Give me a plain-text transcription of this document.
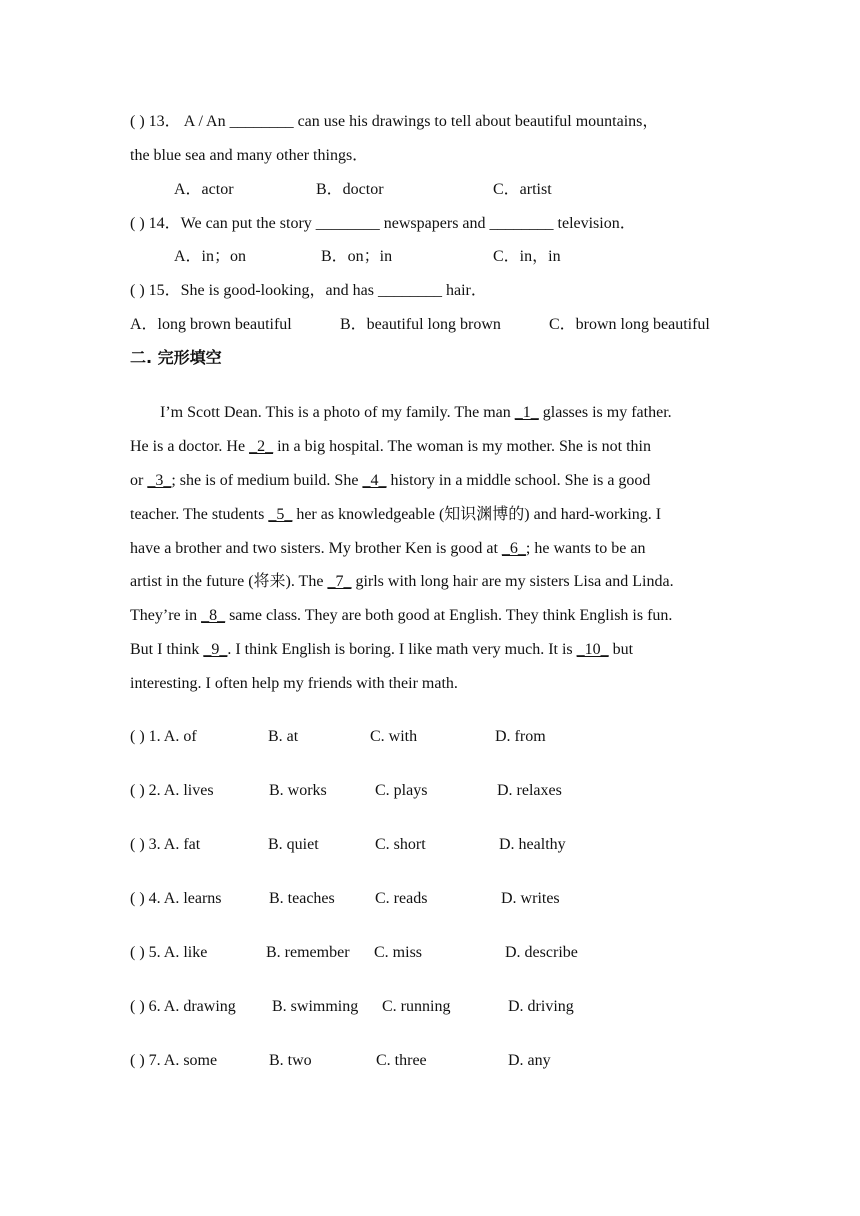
( ) 13． A / An ________ can use his drawings to tell about beautiful mountains，
the blue sea and many other things．
A．actor	B．doctor	C．artist
( ) 14．We can put the story ________ newspapers and ________ television．
A．in；on	B．on；in	C．in，in
( ) 15．She is good-looking，and has ________ hair．
A．long brown beautiful	B．beautiful long brown	C．brown long beautiful
二. 完形填空
I’m Scott Dean. This is a photo of my family. The man _1_ glasses is my father.
He is a doctor. He _2_ in a big hospital. The woman is my mother. She is not thin
or _3_; she is of medium build. She _4_ history in a middle school. She is a good
teacher. The students _5_ her as knowledgeable (知识渊博的) and hard-working. I
have a brother and two sisters. My brother Ken is good at _6_; he wants to be an
artist in the future (将来). The _7_ girls with long hair are my sisters Lisa and Linda.
They’re in _8_ same class. They are both good at English. They think English is fun.
But I think _9_. I think English is boring. I like math very much. It is _10_ but
interesting. I often help my friends with their math.
( ) 1. A. of	B. at	C. with	D. from
( ) 2. A. lives	B. works	C. plays	D. relaxes
( ) 3. A. fat	B. quiet	C. short	D. healthy
( ) 4. A. learns	B. teaches	C. reads	D. writes
( ) 5. A. like	B. remember C. miss	D. describe
( ) 6. A. drawing B. swimming C. running	D. driving
( ) 7. A. some	B. two	C. three	D. any
